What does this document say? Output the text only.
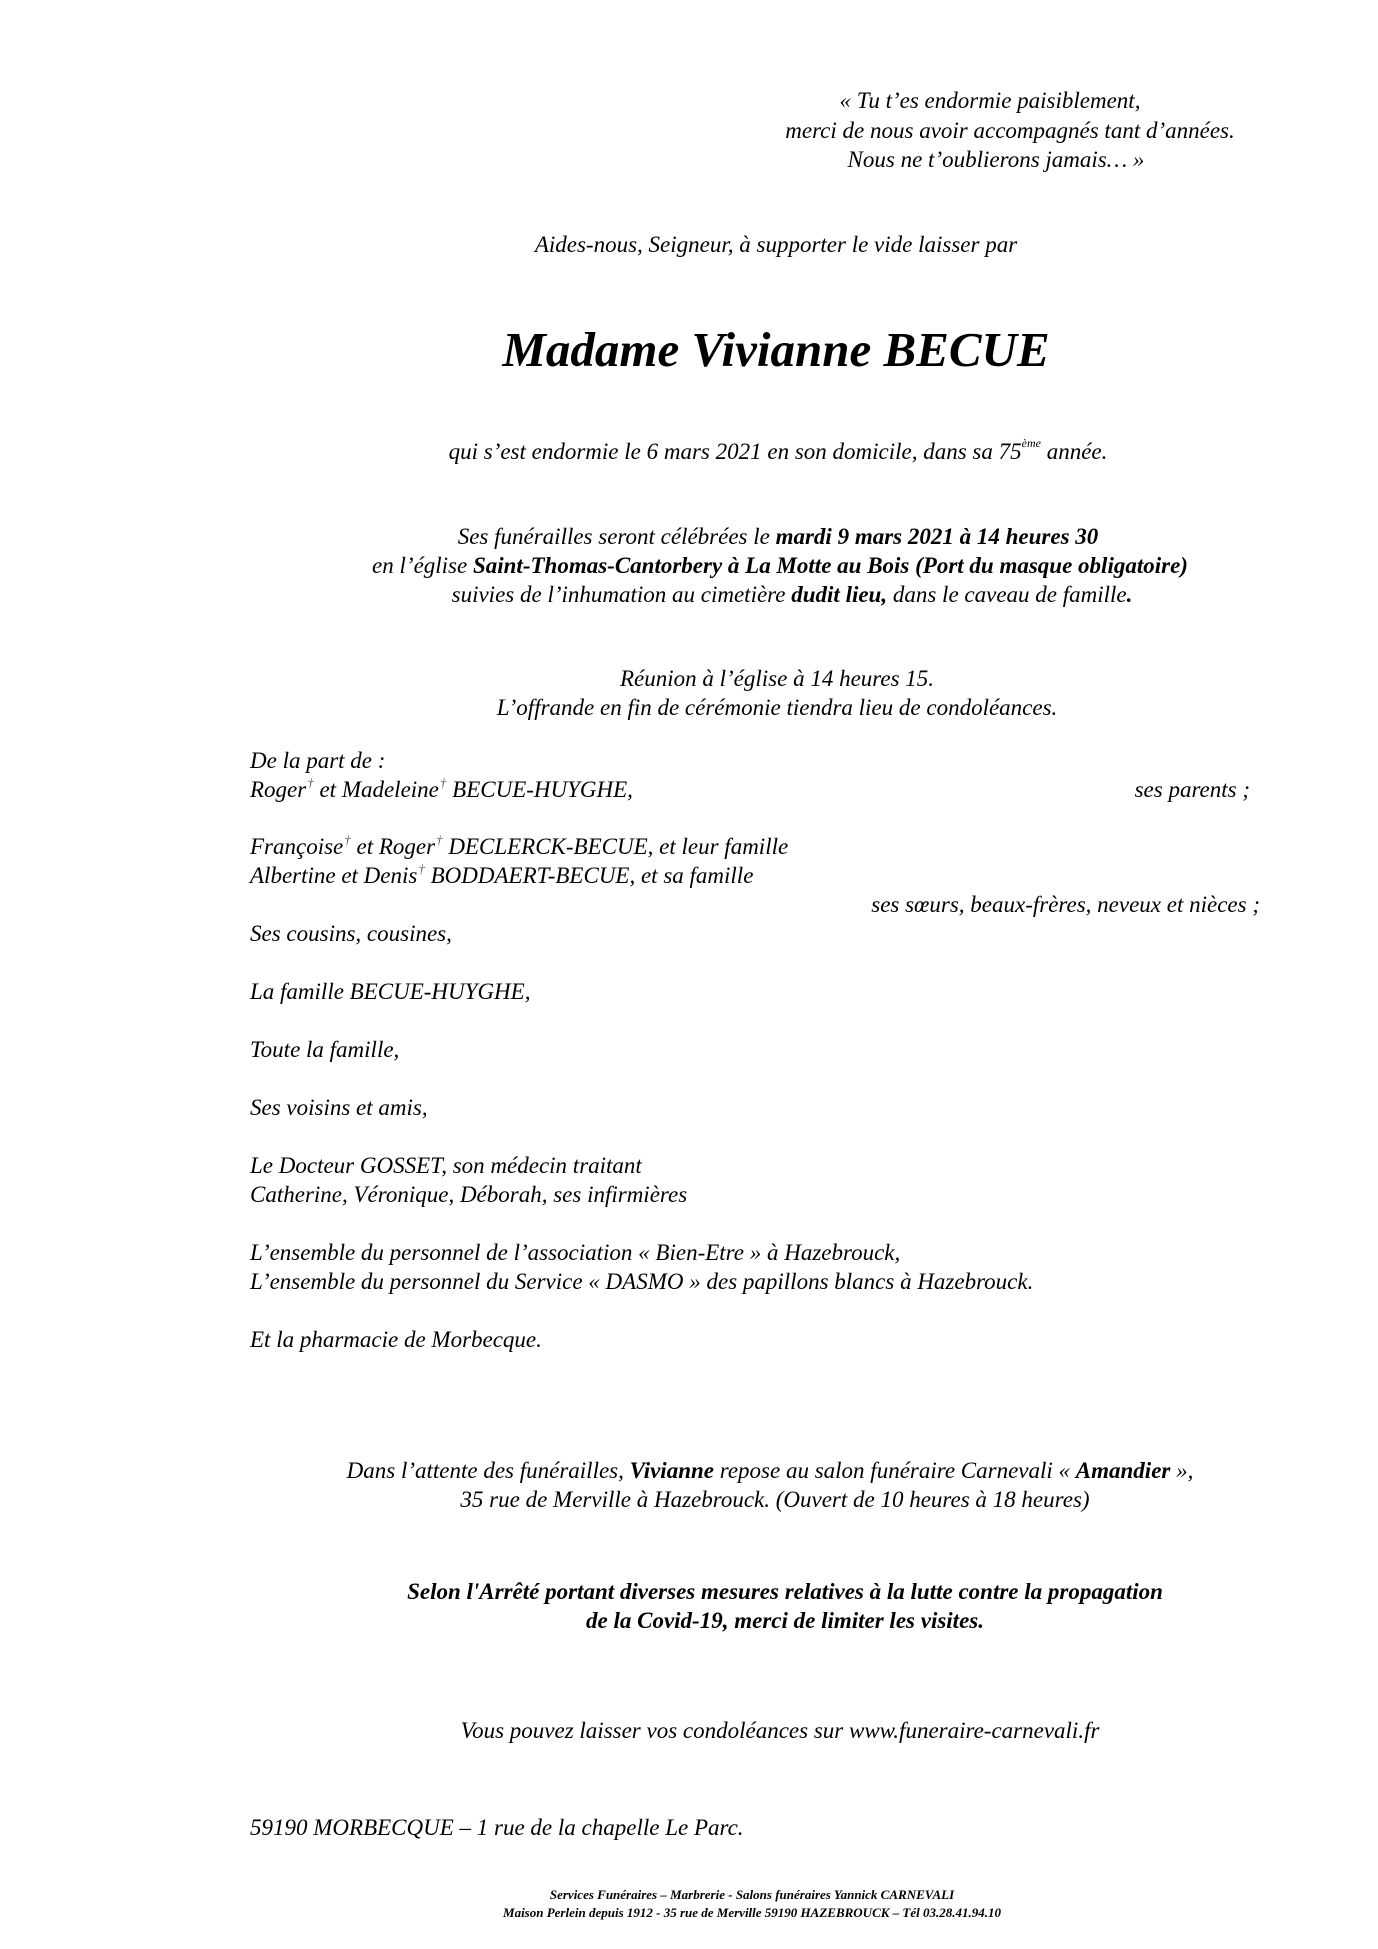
« Tu t’es endormie paisiblement,
merci de nous avoir accompagnés tant d’années.
Nous ne t’oublierons jamais… »
Aides-nous, Seigneur, à supporter le vide laisser par
Madame Vivianne BECUE
qui s’est endormie le 6 mars 2021 en son domicile, dans sa 75ème année.
Ses funérailles seront célébrées le mardi 9 mars 2021 à 14 heures 30
en l’église Saint-Thomas-Cantorbery à La Motte au Bois (Port du masque obligatoire)
suivies de l’inhumation au cimetière dudit lieu, dans le caveau de famille.
Réunion à l’église à 14 heures 15.
L’offrande en fin de cérémonie tiendra lieu de condoléances.
De la part de :
Roger† et Madeleine† BECUE-HUYGHE,	ses parents ;
Françoise† et Roger† DECLERCK-BECUE, et leur famille
Albertine et Denis† BODDAERT-BECUE, et sa famille
ses sœurs, beaux-frères, neveux et nièces ;
Ses cousins, cousines,
La famille BECUE-HUYGHE,
Toute la famille,
Ses voisins et amis,
Le Docteur GOSSET, son médecin traitant
Catherine, Véronique, Déborah, ses infirmières
L’ensemble du personnel de l’association « Bien-Etre » à Hazebrouck,
L’ensemble du personnel du Service « DASMO » des papillons blancs à Hazebrouck.
Et la pharmacie de Morbecque.
Dans l’attente des funérailles, Vivianne repose au salon funéraire Carnevali « Amandier »,
35 rue de Merville à Hazebrouck. (Ouvert de 10 heures à 18 heures)
Selon l'Arrêté portant diverses mesures relatives à la lutte contre la propagation
de la Covid-19, merci de limiter les visites.
Vous pouvez laisser vos condoléances sur www.funeraire-carnevali.fr
59190 MORBECQUE – 1 rue de la chapelle Le Parc.
Services Funéraires – Marbrerie - Salons funéraires Yannick CARNEVALI
Maison Perlein depuis 1912 - 35 rue de Merville 59190 HAZEBROUCK – Tél 03.28.41.94.10
